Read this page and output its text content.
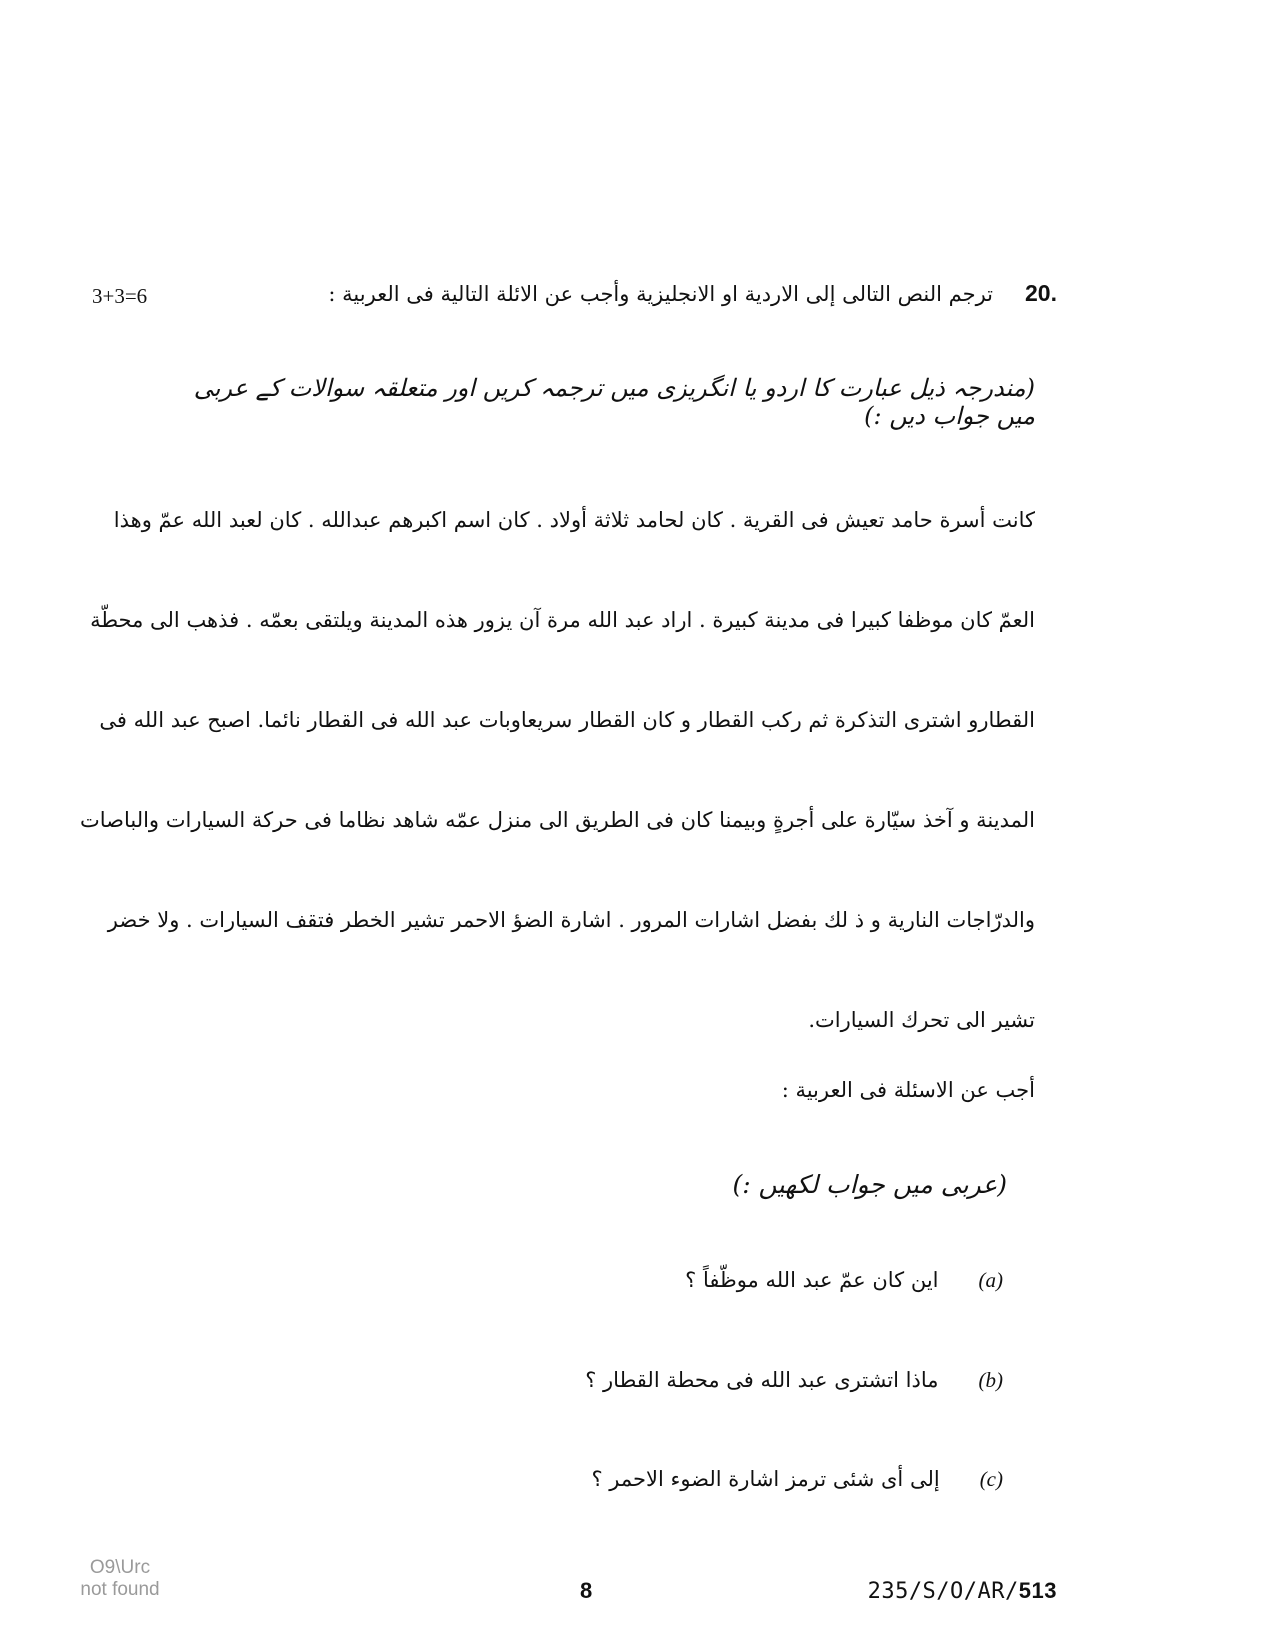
3+3=6	20.
ترجم النص التالى إلى الاردية او الانجليزية وأجب عن الائلة التالية فى العربية :
(مندرجہ ذیل عبارت کا اردو یا انگریزی میں ترجمہ کریں اور متعلقہ سوالات کے عربی میں جواب دیں :)
كانت أسرة حامد تعيش فى القرية . كان لحامد ثلاثة أولاد . كان اسم اكبرهم عبدالله . كان لعبد الله عمّ وهذا
العمّ كان موظفا كبيرا فى مدينة كبيرة . اراد عبد الله مرة آن يزور هذه المدينة ويلتقى بعمّه . فذهب الى محطّة
القطارو اشترى التذكرة ثم ركب القطار و كان القطار سريعاوبات عبد الله فى القطار نائما. اصبح عبد الله فى
المدينة و آخذ سيّارة على أجرةٍ وبيمنا كان فى الطريق الى منزل عمّه شاهد نظاما فى حركة السيارات والباصات
والدرّاجات النارية و ذ لك بفضل اشارات المرور . اشارة الضؤ الاحمر تشير الخطر فتقف السيارات . ولا خضر
تشير الى تحرك السيارات.
أجب عن الاسئلة فى العربية :
(عربی میں جواب لکھیں :)
(a)
اين كان عمّ عبد الله موظّفاً ؟
(b)
ماذا اتشترى عبد الله فى محطة القطار ؟
(c)
إلى أى شئى ترمز اشارة الضوء الاحمر ؟
O9\Urc not found	8	235/S/O/AR/513
